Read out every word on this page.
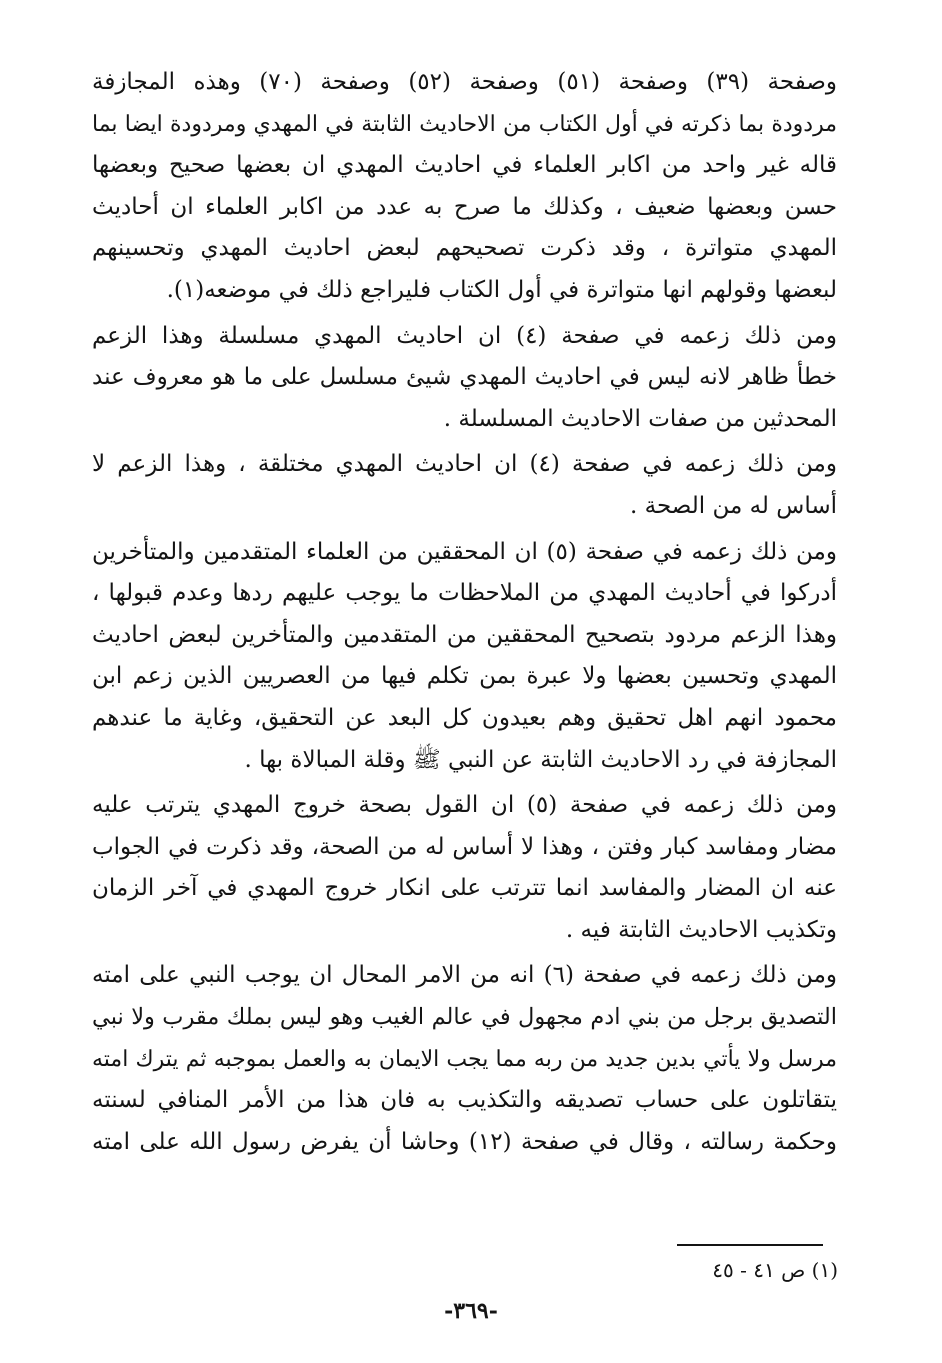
وصفحة (٣٩) وصفحة (٥١) وصفحة (٥٢) وصفحة (٧٠) وهذه المجازفة
مردودة بما ذكرته في أول الكتاب من الاحاديث الثابتة في المهدي ومردودة ايضا بما
قاله غير واحد من اكابر العلماء في احاديث المهدي ان بعضها صحيح وبعضها
حسن وبعضها ضعيف ، وكذلك ما صرح به عدد من اكابر العلماء ان أحاديث
المهدي متواترة ، وقد ذكرت تصحيحهم لبعض احاديث المهدي وتحسينهم
لبعضها وقولهم انها متواترة في أول الكتاب فليراجع ذلك في موضعه(١).
ومن ذلك زعمه في صفحة (٤) ان احاديث المهدي مسلسلة وهذا الزعم
خطأ ظاهر لانه ليس في احاديث المهدي شيئ مسلسل على ما هو معروف عند
المحدثين من صفات الاحاديث المسلسلة .
ومن ذلك زعمه في صفحة (٤) ان احاديث المهدي مختلقة ، وهذا الزعم لا
أساس له من الصحة .
ومن ذلك زعمه في صفحة (٥) ان المحققين من العلماء المتقدمين والمتأخرين
أدركوا في أحاديث المهدي من الملاحظات ما يوجب عليهم ردها وعدم قبولها ،
وهذا الزعم مردود بتصحيح المحققين من المتقدمين والمتأخرين لبعض احاديث
المهدي وتحسين بعضها ولا عبرة بمن تكلم فيها من العصريين الذين زعم ابن
محمود انهم اهل تحقيق وهم بعيدون كل البعد عن التحقيق، وغاية ما عندهم
المجازفة في رد الاحاديث الثابتة عن النبي ﷺ وقلة المبالاة بها .
ومن ذلك زعمه في صفحة (٥) ان القول بصحة خروج المهدي يترتب عليه
مضار ومفاسد كبار وفتن ، وهذا لا أساس له من الصحة، وقد ذكرت في الجواب
عنه ان المضار والمفاسد انما تترتب على انكار خروج المهدي في آخر الزمان
وتكذيب الاحاديث الثابتة فيه .
ومن ذلك زعمه في صفحة (٦) انه من الامر المحال ان يوجب النبي على امته
التصديق برجل من بني ادم مجهول في عالم الغيب وهو ليس بملك مقرب ولا نبي
مرسل ولا يأتي بدين جديد من ربه مما يجب الايمان به والعمل بموجبه ثم يترك امته
يتقاتلون على حساب تصديقه والتكذيب به فان هذا من الأمر المنافي لسنته
وحكمة رسالته ، وقال في صفحة (١٢) وحاشا أن يفرض رسول الله على امته
(١) ص ٤١ - ٤٥
-٣٦٩-
